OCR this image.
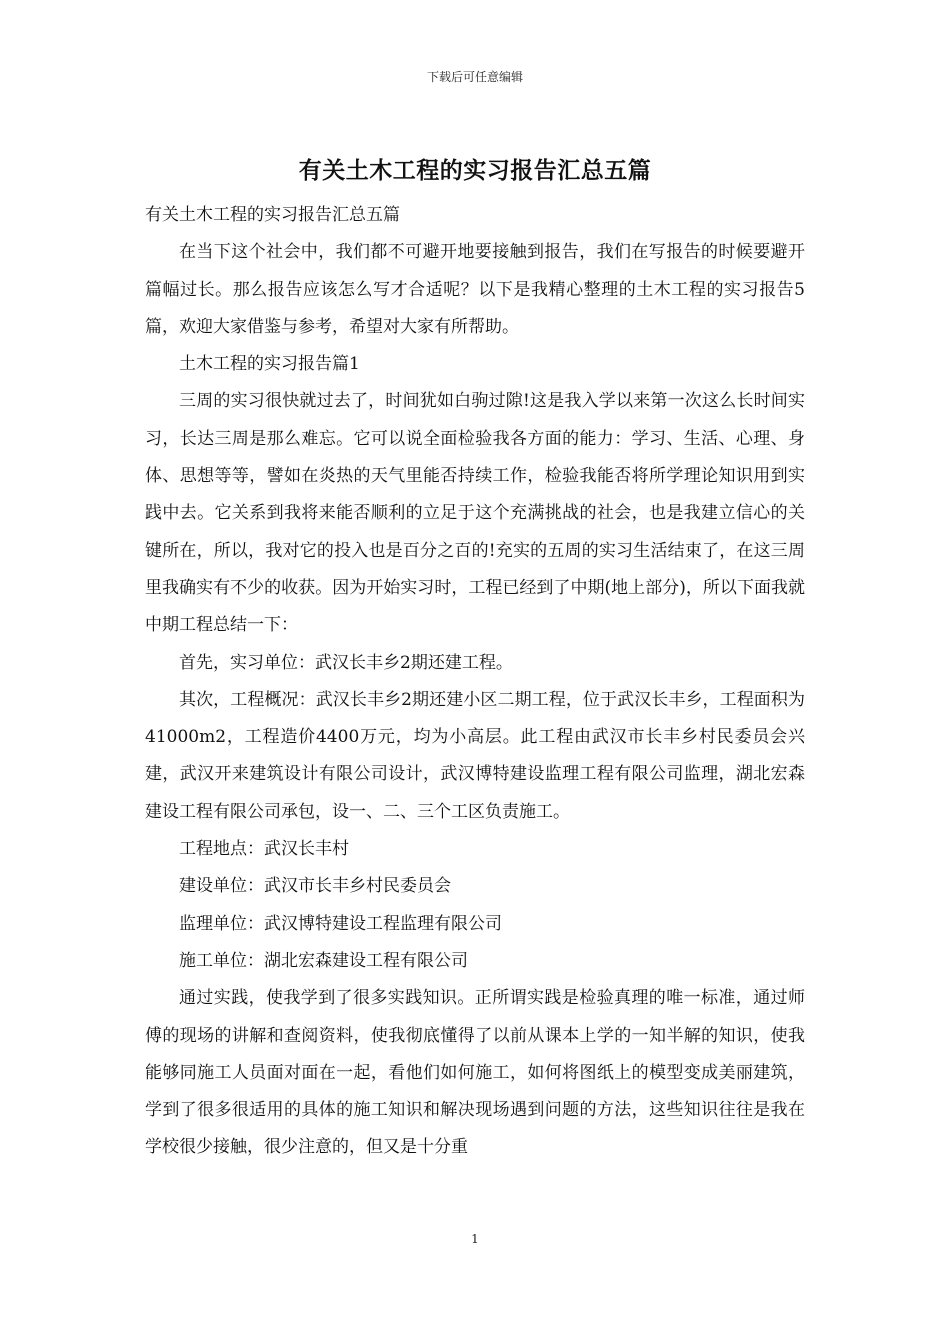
下载后可任意编辑
有关土木工程的实习报告汇总五篇

有关土木工程的实习报告汇总五篇

在当下这个社会中，我们都不可避开地要接触到报告，我们在写报告的时候要避开篇幅过长。那么报告应该怎么写才合适呢？以下是我精心整理的土木工程的实习报告5篇，欢迎大家借鉴与参考，希望对大家有所帮助。

土木工程的实习报告篇1

三周的实习很快就过去了，时间犹如白驹过隙!这是我入学以来第一次这么长时间实习，长达三周是那么难忘。它可以说全面检验我各方面的能力：学习、生活、心理、身体、思想等等，譬如在炎热的天气里能否持续工作，检验我能否将所学理论知识用到实践中去。它关系到我将来能否顺利的立足于这个充满挑战的社会，也是我建立信心的关键所在，所以，我对它的投入也是百分之百的!充实的五周的实习生活结束了，在这三周里我确实有不少的收获。因为开始实习时，工程已经到了中期(地上部分)，所以下面我就中期工程总结一下：

首先，实习单位：武汉长丰乡2期还建工程。

其次，工程概况：武汉长丰乡2期还建小区二期工程，位于武汉长丰乡，工程面积为41000m2，工程造价4400万元，均为小高层。此工程由武汉市长丰乡村民委员会兴建，武汉开来建筑设计有限公司设计，武汉博特建设监理工程有限公司监理，湖北宏森建设工程有限公司承包，设一、二、三个工区负责施工。

工程地点：武汉长丰村

建设单位：武汉市长丰乡村民委员会

监理单位：武汉博特建设工程监理有限公司

施工单位：湖北宏森建设工程有限公司

通过实践，使我学到了很多实践知识。正所谓实践是检验真理的唯一标准，通过师傅的现场的讲解和查阅资料，使我彻底懂得了以前从课本上学的一知半解的知识，使我能够同施工人员面对面在一起，看他们如何施工，如何将图纸上的模型变成美丽建筑，学到了很多很适用的具体的施工知识和解决现场遇到问题的方法，这些知识往往是我在学校很少接触，很少注意的，但又是十分重

1
